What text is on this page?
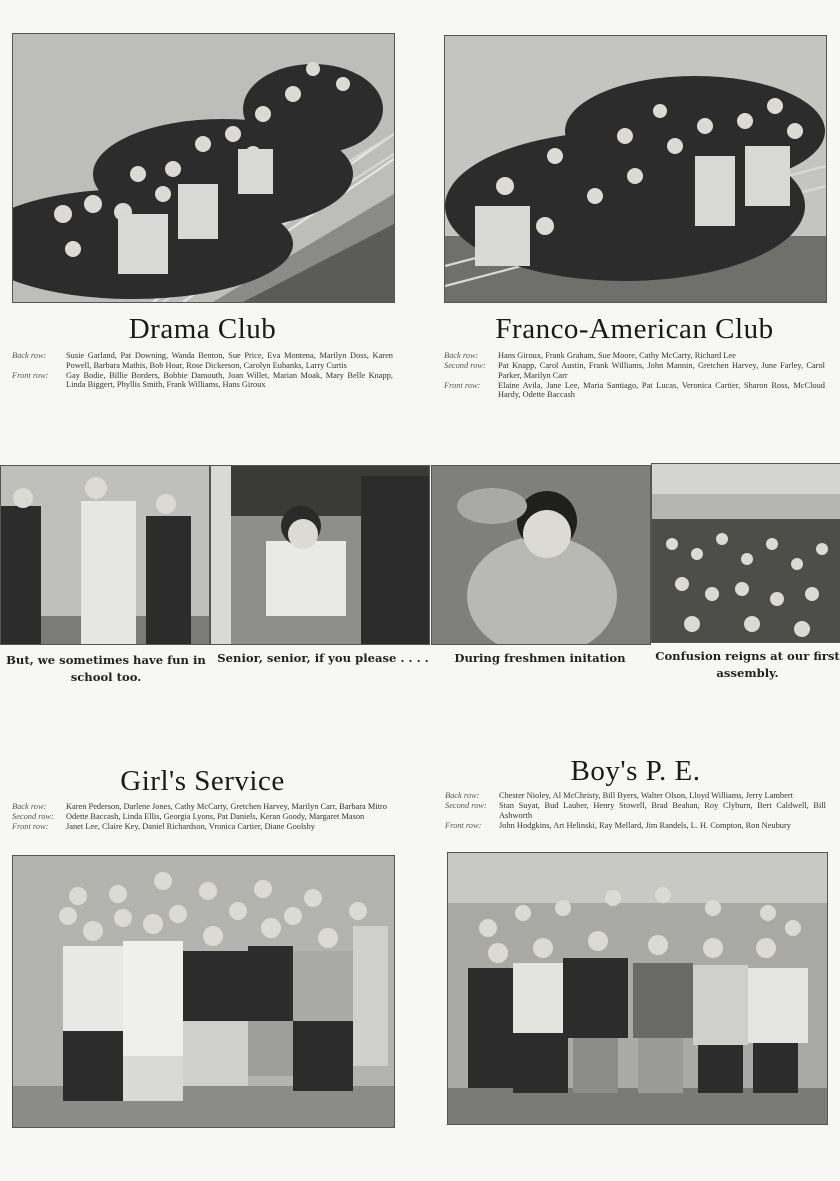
Drama Club
Back row:	Susie Garland, Pat Downing, Wanda Benton, Sue Price, Eva Montena, Marilyn Doss, Karen Powell, Barbara Mathis, Bob Hoar, Rose Dickerson, Carolyn Eubanks, Larry Curtis
Front row:	Gay Bodie, Billie Borders, Bobbie Damouth, Joan Willet, Marian Moak, Mary Belle Knapp, Linda Biggert, Phyllis Smith, Frank Williams, Hans Giroux
Franco-American Club
Back row:	Hans Giroux, Frank Graham, Sue Moore, Cathy McCarty, Richard Lee
Second row:	Pat Knapp, Carol Austin, Frank Williams, John Mannin, Gretchen Harvey, June Farley, Carol Parker, Marilyn Carr
Front row:	Elaine Avila, Jane Lee, Maria Santiago, Pat Lucas, Veronica Cartier, Sharon Ross, McCloud Hardy, Odette Baccash

But, we sometimes have fun in school too.

Senior, senior, if you please . . . .	During freshmen initation	Confusion reigns at our first assembly.

Girl's Service
Back row:	Karen Pederson, Darlene Jones, Cathy McCarty, Gretchen Harvey, Marilyn Carr, Barbara Mitro
Second row:	Odette Baccash, Linda Ellis, Georgia Lyons, Pat Daniels, Keran Goody, Margaret Mason
Front row:	Janet Lee, Claire Key, Daniel Richardson, Vronica Cartier, Diane Goolsby
Boy's P. E.
Back row:	Chester Nioley, Al McChristy, Bill Byers, Walter Olson, Lloyd Williams, Jerry Lambert
Second row:	Stan Suyat, Bud Lauber, Henry Stowell, Brad Beahan, Roy Clyburn, Bert Caldwell, Bill Ashworth
Front row:	John Hodgkins, Art Helinski, Ray Mellard, Jim Randels, L. H. Compton, Ron Neubury
